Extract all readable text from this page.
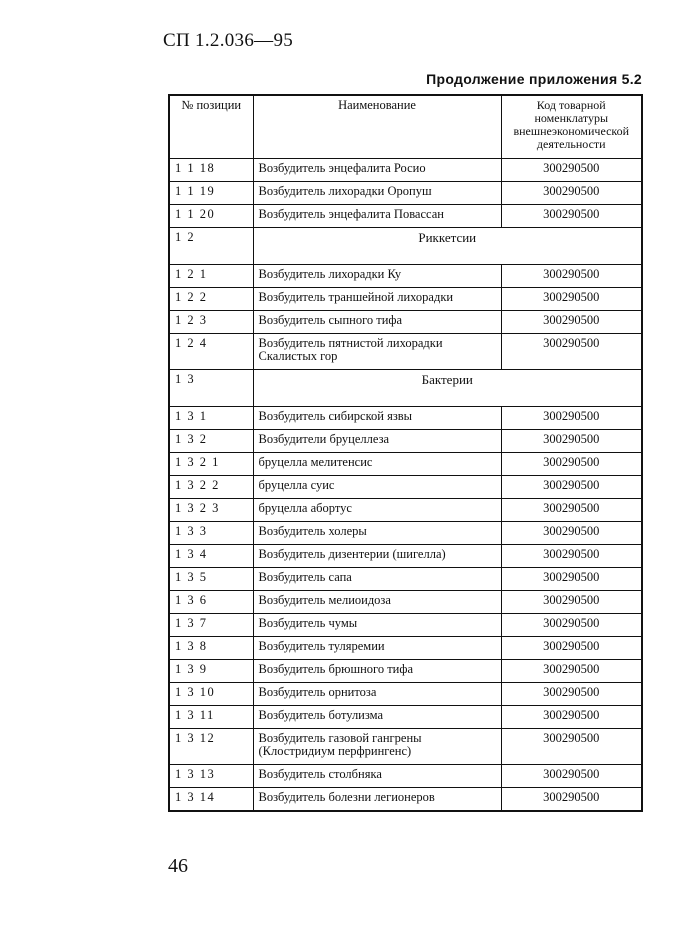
СП 1.2.036—95
Продолжение приложения 5.2
№ позиции	Наименование	Код товарной номенклатуры внешнеэкономической деятельности
1 1 18	Возбудитель энцефалита Росио	300290500
1 1 19	Возбудитель лихорадки Оропуш	300290500
1 1 20	Возбудитель энцефалита Повассан	300290500
1 2	Риккетсии	
1 2 1	Возбудитель лихорадки Ку	300290500
1 2 2	Возбудитель траншейной лихорадки	300290500
1 2 3	Возбудитель сыпного тифа	300290500
1 2 4	Возбудитель пятнистой лихорадки Скалистых гор	300290500
1 3	Бактерии	
1 3 1	Возбудитель сибирской язвы	300290500
1 3 2	Возбудители бруцеллеза	300290500
1 3 2 1	бруцелла мелитенсис	300290500
1 3 2 2	бруцелла суис	300290500
1 3 2 3	бруцелла абортус	300290500
1 3 3	Возбудитель холеры	300290500
1 3 4	Возбудитель дизентерии (шигелла)	300290500
1 3 5	Возбудитель сапа	300290500
1 3 6	Возбудитель мелиоидоза	300290500
1 3 7	Возбудитель чумы	300290500
1 3 8	Возбудитель туляремии	300290500
1 3 9	Возбудитель брюшного тифа	300290500
1 3 10	Возбудитель орнитоза	300290500
1 3 11	Возбудитель ботулизма	300290500
1 3 12	Возбудитель газовой гангрены (Клостридиум перфрингенс)	300290500
1 3 13	Возбудитель столбняка	300290500
1 3 14	Возбудитель болезни легионеров	300290500
46
